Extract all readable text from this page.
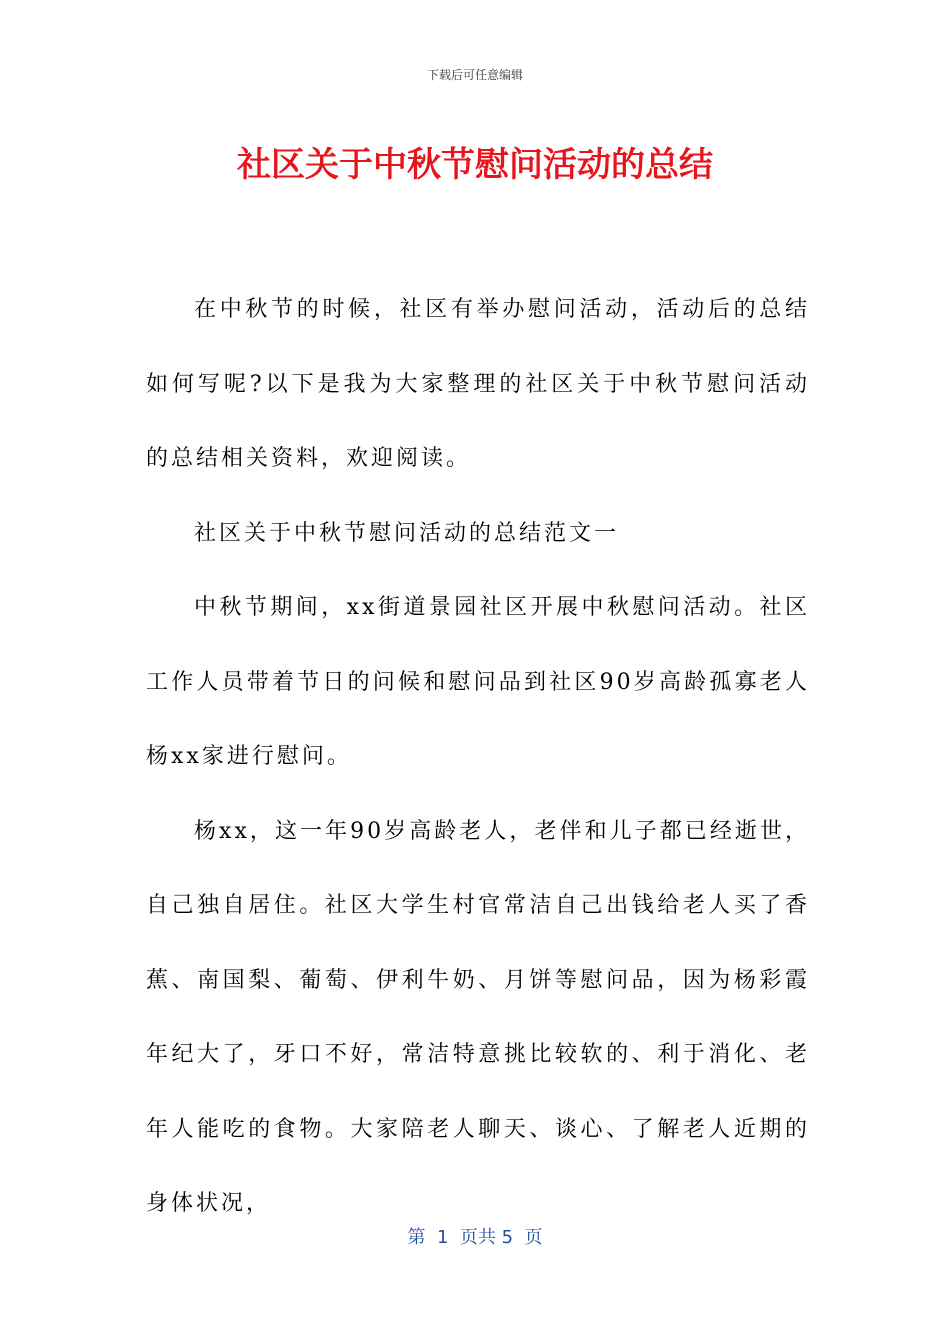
下载后可任意编辑
社区关于中秋节慰问活动的总结

在中秋节的时候，社区有举办慰问活动，活动后的总结如何写呢?以下是我为大家整理的社区关于中秋节慰问活动的总结相关资料，欢迎阅读。

社区关于中秋节慰问活动的总结范文一

中秋节期间，xx街道景园社区开展中秋慰问活动。社区工作人员带着节日的问候和慰问品到社区90岁高龄孤寡老人杨xx家进行慰问。

杨xx，这一年90岁高龄老人，老伴和儿子都已经逝世，自己独自居住。社区大学生村官常洁自己出钱给老人买了香蕉、南国梨、葡萄、伊利牛奶、月饼等慰问品，因为杨彩霞年纪大了，牙口不好，常洁特意挑比较软的、利于消化、老年人能吃的食物。大家陪老人聊天、谈心、了解老人近期的身体状况，

第  1  页共 5  页
